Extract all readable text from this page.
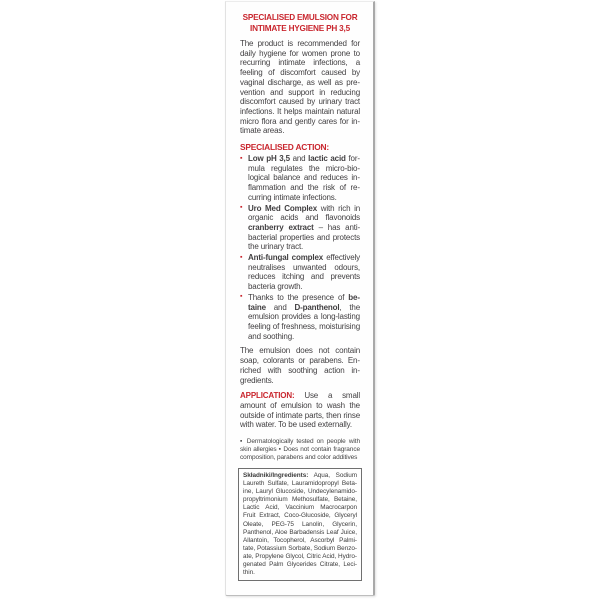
SPECIALISED EMULSION FOR
INTIMATE HYGIENE PH 3,5

The product is recommended for daily hygiene for women prone to recurring intimate infections, a feeling of discomfort caused by vaginal discharge, as well as prevention and support in reducing discomfort caused by urinary tract infections. It helps maintain natural micro flora and gently cares for intimate areas.

SPECIALISED ACTION:
▪ Low pH 3,5 and lactic acid formula regulates the micro-biological balance and reduces inflammation and the risk of recurring intimate infections.
▪ Uro Med Complex with rich in organic acids and flavonoids cranberry extract – has anti-bacterial properties and protects the urinary tract.
▪ Anti-fungal complex effectively neutralises unwanted odours, reduces itching and prevents bacteria growth.
▪ Thanks to the presence of betaine and D-panthenol, the emulsion provides a long-lasting feeling of freshness, moisturising and soothing.

The emulsion does not contain soap, colorants or parabens. Enriched with soothing action ingredients.

APPLICATION: Use a small amount of emulsion to wash the outside of intimate parts, then rinse with water. To be used externally.

▪ Dermatologically tested on people with skin allergies ▪ Does not contain fragrance composition, parabens and color additives

Składniki/Ingredients: Aqua, Sodium Laureth Sulfate, Lauramidopropyl Betaine, Lauryl Glucoside, Undecylenamidopropyltrimonium Methosulfate, Betaine, Lactic Acid, Vaccinium Macrocarpon Fruit Extract, Coco-Glucoside, Glyceryl Oleate, PEG-75 Lanolin, Glycerin, Panthenol, Aloe Barbadensis Leaf Juice, Allantoin, Tocopherol, Ascorbyl Palmitate, Potassium Sorbate, Sodium Benzoate, Propylene Glycol, Citric Acid, Hydrogenated Palm Glycerides Citrate, Lecithin.
